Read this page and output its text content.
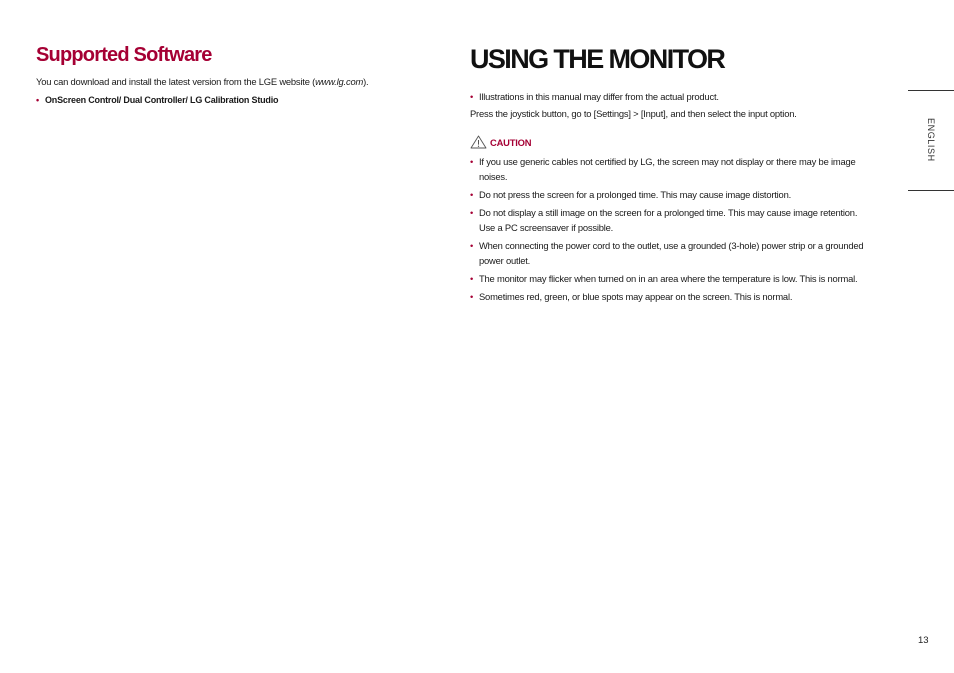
Supported Software

You can download and install the latest version from the LGE website (www.lg.com).

• OnScreen Control/ Dual Controller/ LG Calibration Studio
USING THE MONITOR
• Illustrations in this manual may differ from the actual product.

Press the joystick button, go to [Settings] > [Input], and then select the input option.

CAUTION
• If you use generic cables not certified by LG, the screen may not display or there may be image noises.
• Do not press the screen for a prolonged time. This may cause image distortion.
• Do not display a still image on the screen for a prolonged time. This may cause image retention. Use a PC screensaver if possible.
• When connecting the power cord to the outlet, use a grounded (3-hole) power strip or a grounded power outlet.
• The monitor may flicker when turned on in an area where the temperature is low. This is normal.
• Sometimes red, green, or blue spots may appear on the screen. This is normal.
ENGLISH
13
